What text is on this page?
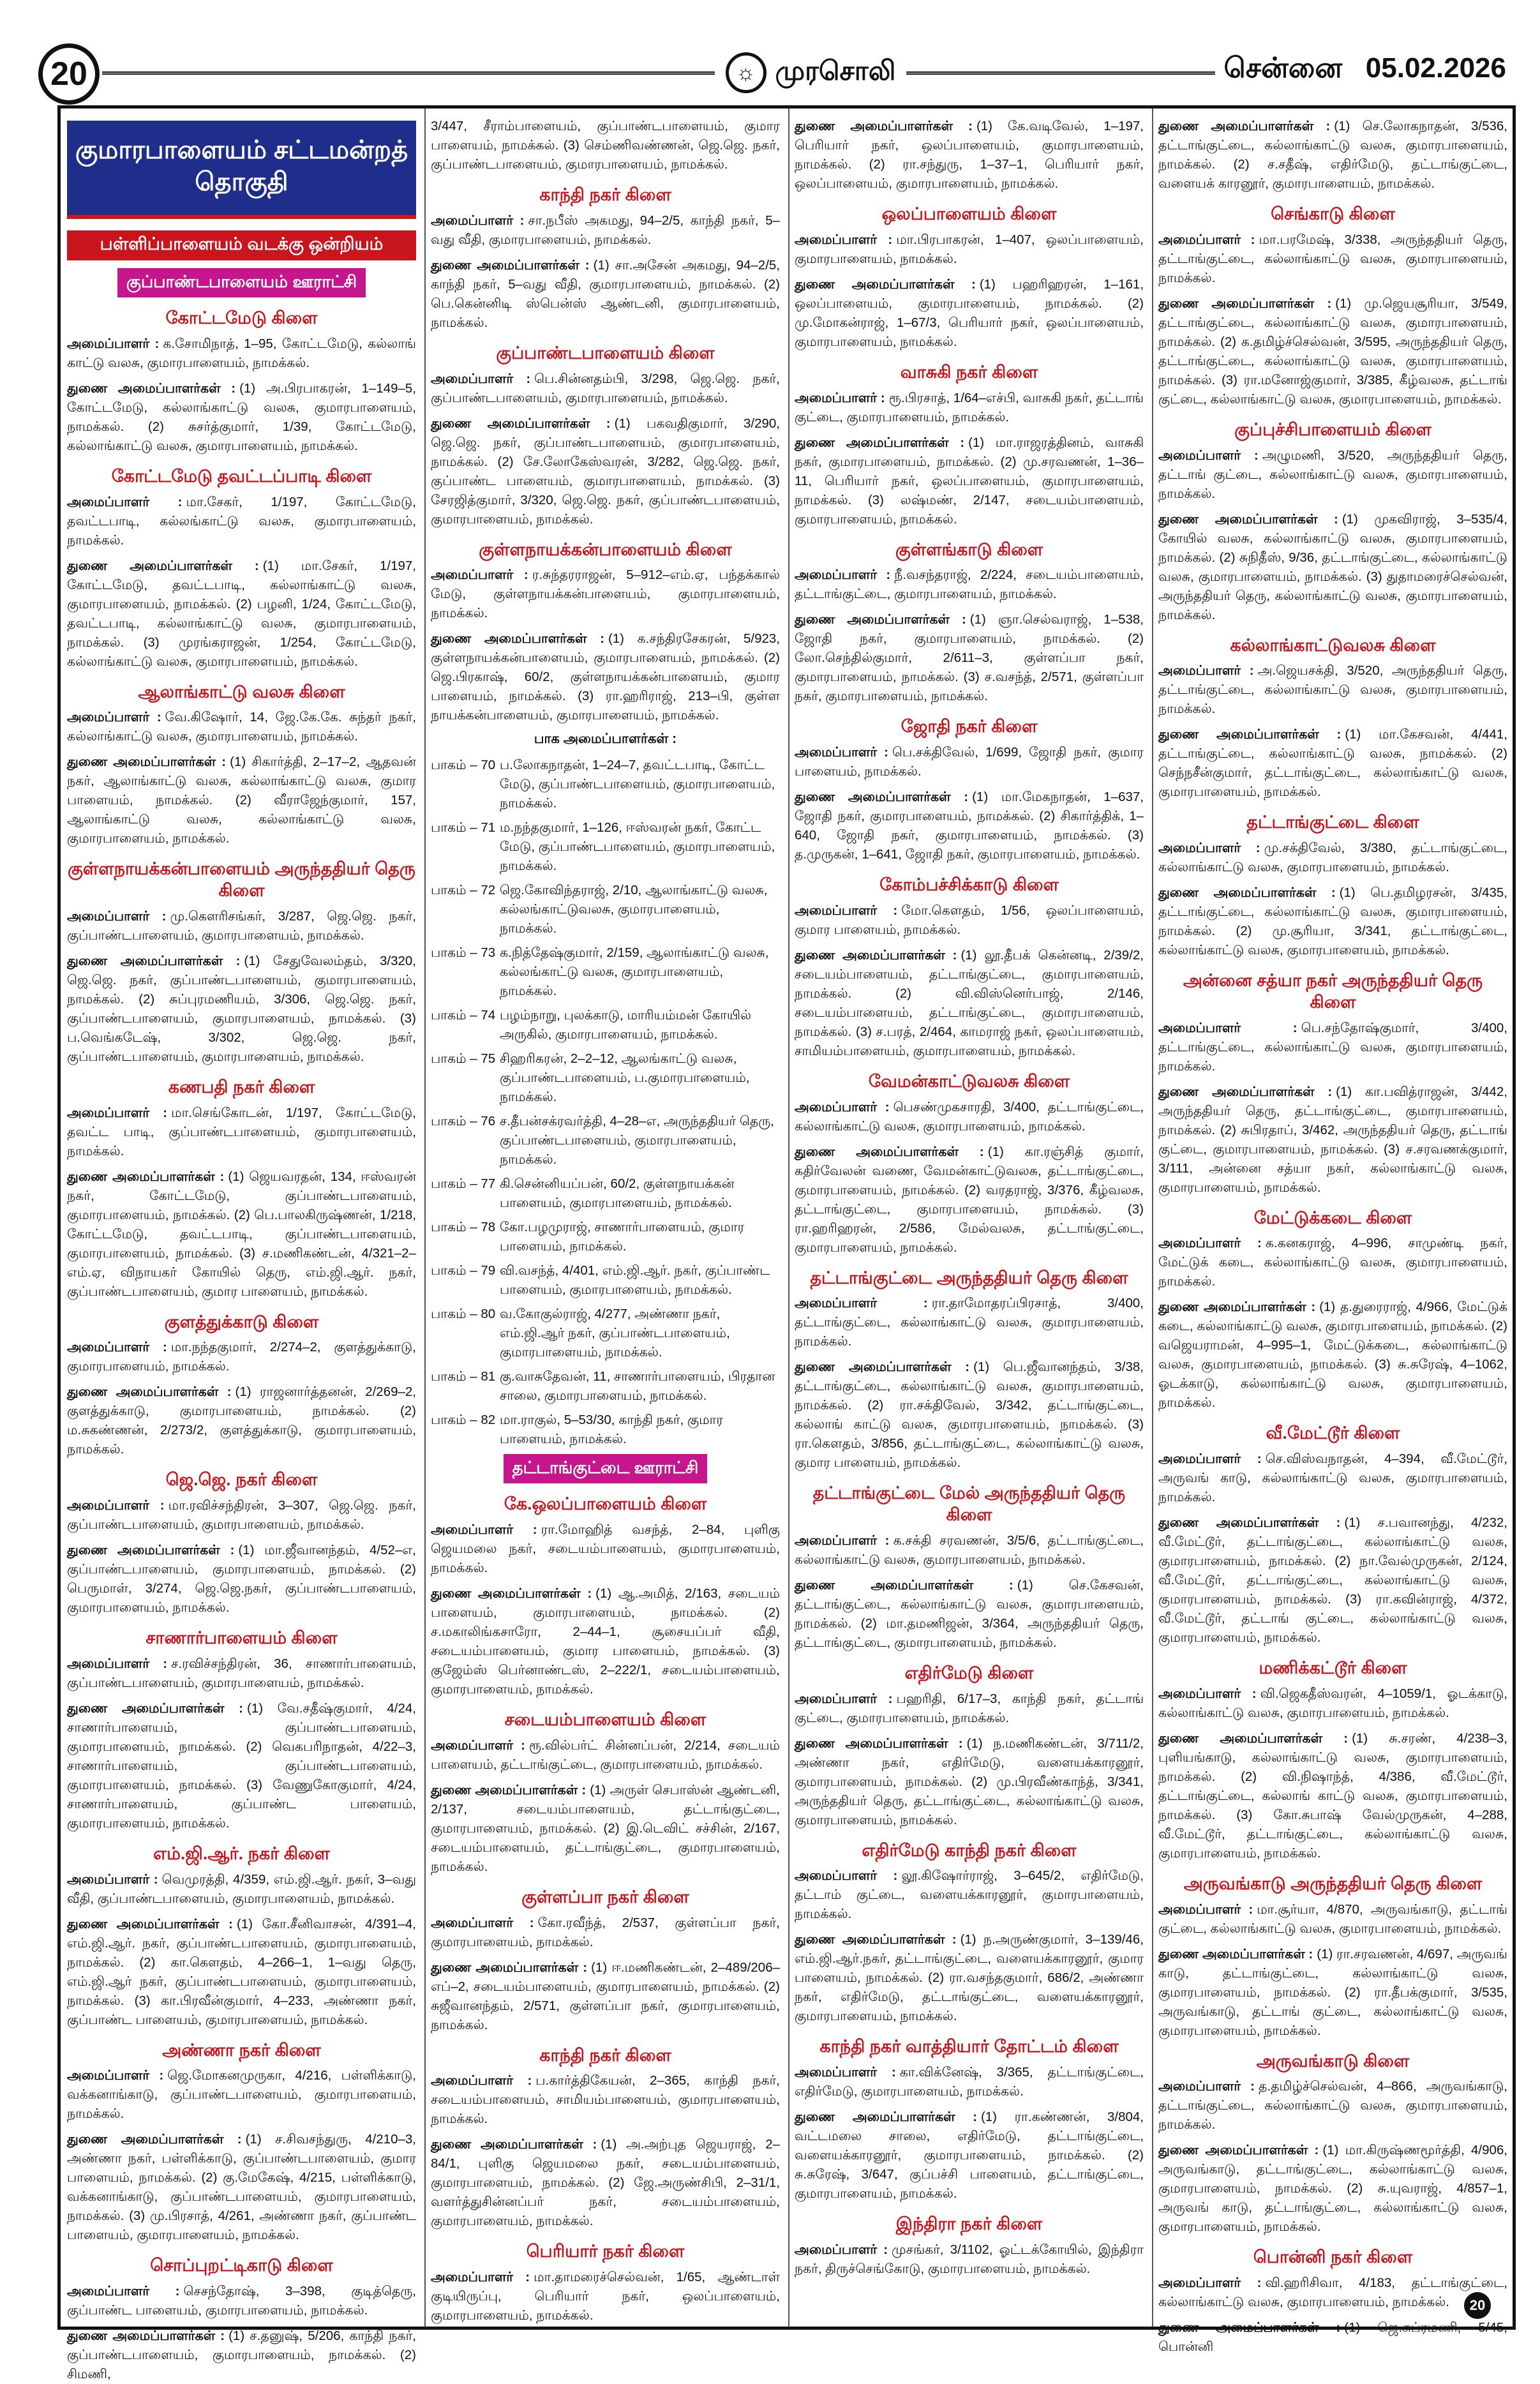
20	☼ முரசொலி	சென்னை 05.02.2026
குமாரபாளையம் சட்டமன்றத் தொகுதி
பள்ளிப்பாளையம் வடக்கு ஒன்றியம்
குப்பாண்டபாளையம் ஊராட்சி
கோட்டமேடு கிளை

அமைப்பாளர் : க.சோமிநாத், 1–95, கோட்டமேடு, கல்லாங் காட்டு வலசு, குமாரபாளையம், நாமக்கல்.

துணை அமைப்பாளர்கள் : (1) அ.பிரபாகரன், 1–149–5, கோட்டமேடு, கல்லாங்காட்டு வலசு, குமாரபாளையம், நாமக்கல். (2) சுசர்த்குமார், 1/39, கோட்டமேடு, கல்லாங்காட்டு வலசு, குமாரபாளையம், நாமக்கல்.

கோட்டமேடு தவட்டப்பாடி கிளை

அமைப்பாளர் : மா.சேகர், 1/197, கோட்டமேடு, தவட்டபாடி, கல்லங்காட்டு வலசு, குமாரபாளையம், நாமக்கல்.

துணை அமைப்பாளர்கள் : (1) மா.சேகர், 1/197, கோட்டமேடு, தவட்டபாடி, கல்லாங்காட்டு வலசு, குமாரபாளையம், நாமக்கல். (2) பழனி, 1/24, கோட்டமேடு, தவட்டபாடி, கல்லாங்காட்டு வலசு, குமாரபாளையம், நாமக்கல். (3) முரங்கராஜன், 1/254, கோட்டமேடு, கல்லாங்காட்டு வலசு, குமாரபாளையம், நாமக்கல்.

ஆலாங்காட்டு வலசு கிளை

அமைப்பாளர் : வே.கிஷோர், 14, ஜே.கே.கே. சுந்தர் நகர், கல்லாங்காட்டு வலசு, குமாரபாளையம், நாமக்கல்.

துணை அமைப்பாளர்கள் : (1) சிகார்த்தி, 2–17–2, ஆதவன் நகர், ஆலாங்காட்டு வலசு, கல்லாங்காட்டு வலசு, குமார பாளையம், நாமக்கல். (2) வீராஜேந்குமார், 157, ஆலாங்காட்டு வலசு, கல்லாங்காட்டு வலசு, குமாரபாளையம், நாமக்கல்.

குள்ளநாயக்கன்பாளையம் அருந்ததியர் தெரு கிளை

அமைப்பாளர் : மு.கௌரிசங்கர், 3/287, ஜெ.ஜெ. நகர், குப்பாண்டபாளையம், குமாரபாளையம், நாமக்கல்.

துணை அமைப்பாளர்கள் : (1) சேதுவேலம்தம், 3/320, ஜெ.ஜெ. நகர், குப்பாண்டபாளையம், குமாரபாளையம், நாமக்கல். (2) சுப்புரமணியம், 3/306, ஜெ.ஜெ. நகர், குப்பாண்டபாளையம், குமாரபாளையம், நாமக்கல். (3) ப.வெங்கடேஷ், 3/302, ஜெ.ஜெ. நகர், குப்பாண்டபாளையம், குமாரபாளையம், நாமக்கல்.

கணபதி நகர் கிளை

அமைப்பாளர் : மா.செங்கோடன், 1/197, கோட்டமேடு, தவட்ட பாடி, குப்பாண்டபாளையம், குமாரபாளையம், நாமக்கல்.

துணை அமைப்பாளர்கள் : (1) ஜெயவரதன், 134, ஈஸ்வரன் நகர், கோட்டமேடு, குப்பாண்டபாளையம், குமாரபாளையம், நாமக்கல். (2) பெ.பாலகிருஷ்ணன், 1/218, கோட்டமேடு, தவட்டபாடி, குப்பாண்டபாளையம், குமாரபாளையம், நாமக்கல். (3) ச.மணிகண்டன், 4/321–2–எம்.ஏ, விநாயகர் கோயில் தெரு, எம்.ஜி.ஆர். நகர், குப்பாண்டபாளையம், குமார பாளையம், நாமக்கல்.

குளத்துக்காடு கிளை

அமைப்பாளர் : மா.நந்தகுமார், 2/274–2, குளத்துக்காடு, குமாரபாளையம், நாமக்கல்.

துணை அமைப்பாளர்கள் : (1) ராஜனார்த்தனன், 2/269–2, குளத்துக்காடு, குமாரபாளையம், நாமக்கல். (2) ம.சுகண்ணன், 2/273/2, குளத்துக்காடு, குமாரபாளையம், நாமக்கல்.

ஜெ.ஜெ. நகர் கிளை

அமைப்பாளர் : மா.ரவிச்சந்திரன், 3–307, ஜெ.ஜெ. நகர், குப்பாண்டபாளையம், குமாரபாளையம், நாமக்கல்.

துணை அமைப்பாளர்கள் : (1) மா.ஜீவானந்தம், 4/52–எ, குப்பாண்டபாளையம், குமாரபாளையம், நாமக்கல். (2) பெருமாள், 3/274, ஜெ.ஜெ.நகர், குப்பாண்டபாளையம், குமாரபாளையம், நாமக்கல்.

சாணார்பாளையம் கிளை

அமைப்பாளர் : ச.ரவிச்சந்திரன், 36, சாணார்பாளையம், குப்பாண்டபாளையம், குமாரபாளையம், நாமக்கல்.

துணை அமைப்பாளர்கள் : (1) வே.சதீஷ்குமார், 4/24, சாணார்பாளையம், குப்பாண்டபாளையம், குமாரபாளையம், நாமக்கல். (2) வெகபரிநாதன், 4/22–3, சாணார்பாளையம், குப்பாண்டபாளையம், குமாரபாளையம், நாமக்கல். (3) வேணுகோகுமார், 4/24, சாணார்பாளையம், குப்பாண்ட பாளையம், குமாரபாளையம், நாமக்கல்.

எம்.ஜி.ஆர். நகர் கிளை

அமைப்பாளர் : வெமுரத்தி, 4/359, எம்.ஜி.ஆர். நகர், 3–வது வீதி, குப்பாண்டபாளையம், குமாரபாளையம், நாமக்கல்.

துணை அமைப்பாளர்கள் : (1) கோ.சீனிவாசன், 4/391–4, எம்.ஜி.ஆர். நகர், குப்பாண்டபாளையம், குமாரபாளையம், நாமக்கல். (2) கா.கௌதம், 4–266–1, 1–வது தெரு, எம்.ஜி.ஆர் நகர், குப்பாண்டபாளையம், குமாரபாளையம், நாமக்கல். (3) கா.பிரவீன்குமார், 4–233, அண்ணா நகர், குப்பாண்ட பாளையம், குமாரபாளையம், நாமக்கல்.

அண்ணா நகர் கிளை

அமைப்பாளர் : ஜெ.மோகனமுருகா, 4/216, பள்ளிக்காடு, வக்கனாங்காடு, குப்பாண்டபாளையம், குமாரபாளையம், நாமக்கல்.

துணை அமைப்பாளர்கள் : (1) ச.சிவசந்துரு, 4/210–3, அண்ணா நகர், பள்ளிக்காடு, குப்பாண்டபாளையம், குமார பாளையம், நாமக்கல். (2) கு.மேகேஷ், 4/215, பள்ளிக்காடு, வக்கனாங்காடு, குப்பாண்டபாளையம், குமாரபாளையம், நாமக்கல். (3) மு.பிரசாத், 4/261, அண்ணா நகர், குப்பாண்ட பாளையம், குமாரபாளையம், நாமக்கல்.

சொப்புறட்டிகாடு கிளை

அமைப்பாளர் : செசந்தோஷ், 3–398, குடித்தெரு, குப்பாண்ட பாளையம், குமாரபாளையம், நாமக்கல்.

துணை அமைப்பாளர்கள் : (1) ச.தனுஷ், 5/206, காந்தி நகர், குப்பாண்டபாளையம், குமாரபாளையம், நாமக்கல். (2) சிமணி,

3/447, சீராம்பாளையம், குப்பாண்டபாளையம், குமார பாளையம், நாமக்கல். (3) செம்ணிவண்ணன், ஜெ.ஜெ. நகர், குப்பாண்டபாளையம், குமாரபாளையம், நாமக்கல்.

காந்தி நகர் கிளை

அமைப்பாளர் : சா.நபீஸ் அகமது, 94–2/5, காந்தி நகர், 5–வது வீதி, குமாரபாளையம், நாமக்கல்.

துணை அமைப்பாளர்கள் : (1) சா.அசேன் அகமது, 94–2/5, காந்தி நகர், 5–வது வீதி, குமாரபாளையம், நாமக்கல். (2) பெ.கென்னிடி ஸ்பென்ஸ் ஆண்டனி, குமாரபாளையம், நாமக்கல்.

குப்பாண்டபாளையம் கிளை

அமைப்பாளர் : பெ.சின்னதம்பி, 3/298, ஜெ.ஜெ. நகர், குப்பாண்டபாளையம், குமாரபாளையம், நாமக்கல்.

துணை அமைப்பாளர்கள் : (1) பகவதிகுமார், 3/290, ஜெ.ஜெ. நகர், குப்பாண்டபாளையம், குமாரபாளையம், நாமக்கல். (2) சே.லோகேஸ்வரன், 3/282, ஜெ.ஜெ. நகர், குப்பாண்ட பாளையம், குமாரபாளையம், நாமக்கல். (3) சேரஜித்குமார், 3/320, ஜெ.ஜெ. நகர், குப்பாண்டபாளையம், குமாரபாளையம், நாமக்கல்.

குள்ளநாயக்கன்பாளையம் கிளை

அமைப்பாளர் : ர.சுந்தரராஜன், 5–912–எம்.ஏ, பந்தக்கால் மேடு, குள்ளநாயக்கன்பாளையம், குமாரபாளையம், நாமக்கல்.

துணை அமைப்பாளர்கள் : (1) க.சந்திரசேகரன், 5/923, குள்ளநாயக்கன்பாளையம், குமாரபாளையம், நாமக்கல். (2) ஜெ.பிரகாஷ், 60/2, குள்ளநாயக்கன்பாளையம், குமார பாளையம், நாமக்கல். (3) ரா.ஹரிராஜ், 213–பி, குள்ள நாயக்கன்பாளையம், குமாரபாளையம், நாமக்கல்.

பாக அமைப்பாளர்கள் :
பாகம் – 70 ப.லோகநாதன், 1–24–7, தவட்டபாடி, கோட்ட மேடு, குப்பாண்டபாளையம், குமாரபாளையம், நாமக்கல்.
பாகம் – 71 ம.நந்தகுமார், 1–126, ஈஸ்வரன் நகர், கோட்ட மேடு, குப்பாண்டபாளையம், குமாரபாளையம், நாமக்கல்.
பாகம் – 72 ஜெ.கோவிந்தராஜ், 2/10, ஆலாங்காட்டு வலசு, கல்லங்காட்டுவலசு, குமாரபாளையம், நாமக்கல்.
பாகம் – 73 க.நித்தேஷ்குமார், 2/159, ஆலாங்காட்டு வலசு, கல்லங்காட்டு வலசு, குமாரபாளையம், நாமக்கல்.
பாகம் – 74 பழம்நாறு, புலக்காடு, மாரியம்மன் கோயில் அருகில், குமாரபாளையம், நாமக்கல்.
பாகம் – 75 சிஹரிகரன், 2–2–12, ஆலங்காட்டு வலசு, குப்பாண்டபாளையம், ப.குமாரபாளையம், நாமக்கல்.
பாகம் – 76 ச.தீபன்சக்ரவர்த்தி, 4–28–எ, அருந்ததியர் தெரு, குப்பாண்டபாளையம், குமாரபாளையம், நாமக்கல்.
பாகம் – 77 கி.சென்னியப்பன், 60/2, குள்ளநாயக்கன் பாளையம், குமாரபாளையம், நாமக்கல்.
பாகம் – 78 கோ.பழமுராஜ், சாணார்பாளையம், குமார பாளையம், நாமக்கல்.
பாகம் – 79 வி.வசந்த், 4/401, எம்.ஜி.ஆர். நகர், குப்பாண்ட பாளையம், குமாரபாளையம், நாமக்கல்.
பாகம் – 80 வ.கோகுல்ராஜ், 4/277, அண்ணா நகர், எம்.ஜி.ஆர் நகர், குப்பாண்டபாளையம், குமாரபாளையம், நாமக்கல்.
பாகம் – 81 கு.வாசுதேவன், 11, சாணார்பாளையம், பிரதான சாலை, குமாரபாளையம், நாமக்கல்.
பாகம் – 82 மா.ராகுல், 5–53/30, காந்தி நகர், குமார பாளையம், நாமக்கல்.
தட்டாங்குட்டை ஊராட்சி
கே.ஒலப்பாளையம் கிளை

அமைப்பாளர் : ரா.மோஹித் வசந்த், 2–84, புளிகு ஜெயமலை நகர், சடையம்பாளையம், குமாரபாளையம், நாமக்கல்.

துணை அமைப்பாளர்கள் : (1) ஆ.அமித், 2/163, சடையம் பாளையம், குமாரபாளையம், நாமக்கல். (2) ச.மகாலிங்கசாரோ, 2–44–1, சூசையப்பர் வீதி, சடையம்பாளையம், குமார பாளையம், நாமக்கல். (3) குஜேம்ஸ் பெர்னாண்டஸ், 2–222/1, சடையம்பாளையம், குமாரபாளையம், நாமக்கல்.

சடையம்பாளையம் கிளை

அமைப்பாளர் : ரூ.வில்பர்ட் சின்னப்பன், 2/214, சடையம் பாளையம், தட்டாங்குட்டை, குமாரபாளையம், நாமக்கல்.

துணை அமைப்பாளர்கள் : (1) அருள் செபாஸ்ன் ஆண்டனி, 2/137, சடையம்பாளையம், தட்டாங்குட்டை, குமாரபாளையம், நாமக்கல். (2) இ.டெவிட் சச்சின், 2/167, சடையம்பாளையம், தட்டாங்குட்டை, குமாரபாளையம், நாமக்கல்.

குள்ளப்பா நகர் கிளை

அமைப்பாளர் : கோ.ரவீந்த், 2/537, குள்ளப்பா நகர், குமாரபாளையம், நாமக்கல்.

துணை அமைப்பாளர்கள் : (1) ஈ.மணிகண்டன், 2–489/206–எப்–2, சடையம்பாளையம், குமாரபாளையம், நாமக்கல். (2) சுஜீவானந்தம், 2/571, குள்ளப்பா நகர், குமாரபாளையம், நாமக்கல்.

காந்தி நகர் கிளை

அமைப்பாளர் : ப.கார்த்திகேயன், 2–365, காந்தி நகர், சடையம்பாளையம், சாமியம்பாளையம், குமாரபாளையம், நாமக்கல்.

துணை அமைப்பாளர்கள் : (1) அ.அற்புத ஜெயராஜ், 2–84/1, புளிகு ஜெயமலை நகர், சடையம்பாளையம், குமாரபாளையம், நாமக்கல். (2) ஜே.அருண்சிபி, 2–31/1, வளர்த்துசின்னப்பர் நகர், சடையம்பாளையம், குமாரபாளையம், நாமக்கல்.

பெரியார் நகர் கிளை

அமைப்பாளர் : மா.தாமரைச்செல்வன், 1/65, ஆண்டாள் குடியிருப்பு, பெரியார் நகர், ஒலப்பாளையம், குமாரபாளையம், நாமக்கல்.

துணை அமைப்பாளர்கள் : (1) கே.வடிவேல், 1–197, பெரியார் நகர், ஒலப்பாளையம், குமாரபாளையம், நாமக்கல். (2) ரா.சந்துரு, 1–37–1, பெரியார் நகர், ஒலப்பாளையம், குமாரபாளையம், நாமக்கல்.

ஒலப்பாளையம் கிளை

அமைப்பாளர் : மா.பிரபாகரன், 1–407, ஒலப்பாளையம், குமாரபாளையம், நாமக்கல்.

துணை அமைப்பாளர்கள் : (1) பஹரிஹரன், 1–161, ஒலப்பாளையம், குமாரபாளையம், நாமக்கல். (2) மு.மோகன்ராஜ், 1–67/3, பெரியார் நகர், ஒலப்பாளையம், குமாரபாளையம், நாமக்கல்.

வாசுகி நகர் கிளை

அமைப்பாளர் : ரூ.பிரசாத், 1/64–எச்பி, வாசுகி நகர், தட்டாங் குட்டை, குமாரபாளையம், நாமக்கல்.

துணை அமைப்பாளர்கள் : (1) மா.ராஜரத்தினம், வாசுகி நகர், குமாரபாளையம், நாமக்கல். (2) மு.சரவணன், 1–36–11, பெரியார் நகர், ஒலப்பாளையம், குமாரபாளையம், நாமக்கல். (3) லஷ்மண், 2/147, சடையம்பாளையம், குமாரபாளையம், நாமக்கல்.

குள்ளங்காடு கிளை

அமைப்பாளர் : நீ.வசந்தராஜ், 2/224, சடையம்பாளையம், தட்டாங்குட்டை, குமாரபாளையம், நாமக்கல்.

துணை அமைப்பாளர்கள் : (1) ஞா.செல்வராஜ், 1–538, ஜோதி நகர், குமாரபாளையம், நாமக்கல். (2) லோ.செந்தில்குமார், 2/611–3, குள்ளப்பா நகர், குமாரபாளையம், நாமக்கல். (3) ச.வசந்த், 2/571, குள்ளப்பா நகர், குமாரபாளையம், நாமக்கல்.

ஜோதி நகர் கிளை

அமைப்பாளர் : பெ.சக்திவேல், 1/699, ஜோதி நகர், குமார பாளையம், நாமக்கல்.

துணை அமைப்பாளர்கள் : (1) மா.மேகநாதன், 1–637, ஜோதி நகர், குமாரபாளையம், நாமக்கல். (2) சிகார்த்திக், 1–640, ஜோதி நகர், குமாரபாளையம், நாமக்கல். (3) த.முருகன், 1–641, ஜோதி நகர், குமாரபாளையம், நாமக்கல்.

கோம்பச்சிக்காடு கிளை

அமைப்பாளர் : மோ.கௌதம், 1/56, ஒலப்பாளையம், குமார பாளையம், நாமக்கல்.

துணை அமைப்பாளர்கள் : (1) லூ.தீபக் கென்னடி, 2/39/2, சடையம்பாளையம், தட்டாங்குட்டை, குமாரபாளையம், நாமக்கல். (2) வி.விஸ்னெர்பாஜ், 2/146, சடையம்பாளையம், தட்டாங்குட்டை, குமாரபாளையம், நாமக்கல். (3) ச.பரத், 2/464, காமராஜ் நகர், ஒலப்பாளையம், சாமியம்பாளையம், குமாரபாளையம், நாமக்கல்.

வேமன்காட்டுவலசு கிளை

அமைப்பாளர் : பெசண்முகசாரதி, 3/400, தட்டாங்குட்டை, கல்லாங்காட்டு வலசு, குமாரபாளையம், நாமக்கல்.

துணை அமைப்பாளர்கள் : (1) கா.ரஞ்சித் குமார், கதிர்வேலன் வணை, வேமன்காட்டுவலசு, தட்டாங்குட்டை, குமாரபாளையம், நாமக்கல். (2) வரதராஜ், 3/376, கீழ்வலசு, தட்டாங்குட்டை, குமாரபாளையம், நாமக்கல். (3) ரா.ஹரிஹரன், 2/586, மேல்வலசு, தட்டாங்குட்டை, குமாரபாளையம், நாமக்கல்.

தட்டாங்குட்டை அருந்ததியர் தெரு கிளை

அமைப்பாளர் : ரா.தாமோதரப்பிரசாத், 3/400, தட்டாங்குட்டை, கல்லாங்காட்டு வலசு, குமாரபாளையம், நாமக்கல்.

துணை அமைப்பாளர்கள் : (1) பெ.ஜீவானந்தம், 3/38, தட்டாங்குட்டை, கல்லாங்காட்டு வலசு, குமாரபாளையம், நாமக்கல். (2) ரா.சக்திவேல், 3/342, தட்டாங்குட்டை, கல்லாங் காட்டு வலசு, குமாரபாளையம், நாமக்கல். (3) ரா.கௌதம், 3/856, தட்டாங்குட்டை, கல்லாங்காட்டு வலசு, குமார பாளையம், நாமக்கல்.

தட்டாங்குட்டை மேல் அருந்ததியர் தெரு கிளை

அமைப்பாளர் : க.சக்தி சரவணன், 3/5/6, தட்டாங்குட்டை, கல்லாங்காட்டு வலசு, குமாரபாளையம், நாமக்கல்.

துணை அமைப்பாளர்கள் : (1) செ.கேசவன், தட்டாங்குட்டை, கல்லாங்காட்டு வலசு, குமாரபாளையம், நாமக்கல். (2) மா.தமணிஜன், 3/364, அருந்ததியர் தெரு, தட்டாங்குட்டை, குமாரபாளையம், நாமக்கல்.

எதிர்மேடு கிளை

அமைப்பாளர் : பஹரிதி, 6/17–3, காந்தி நகர், தட்டாங் குட்டை, குமாரபாளையம், நாமக்கல்.

துணை அமைப்பாளர்கள் : (1) ந.மணிகண்டன், 3/711/2, அண்ணா நகர், எதிர்மேடு, வளையக்காரனூர், குமாரபாளையம், நாமக்கல். (2) மு.பிரவீண்காந்த், 3/341, அருந்ததியர் தெரு, தட்டாங்குட்டை, கல்லாங்காட்டு வலசு, குமாரபாளையம், நாமக்கல்.

எதிர்மேடு காந்தி நகர் கிளை

அமைப்பாளர் : லூ.கிஷோர்ராஜ், 3–645/2, எதிர்மேடு, தட்டாம் குட்டை, வளையக்காரனூர், குமாரபாளையம், நாமக்கல்.

துணை அமைப்பாளர்கள் : (1) ந.அருண்குமார், 3–139/46, எம்.ஜி.ஆர்.நகர், தட்டாங்குட்டை, வளையக்காரனூர், குமார பாளையம், நாமக்கல். (2) ரா.வசந்தகுமார், 686/2, அண்ணா நகர், எதிர்மேடு, தட்டாங்குட்டை, வளையக்காரனூர், குமாரபாளையம், நாமக்கல்.

காந்தி நகர் வாத்தியார் தோட்டம் கிளை

அமைப்பாளர் : கா.விக்னேஷ், 3/365, தட்டாங்குட்டை, எதிர்மேடு, குமாரபாளையம், நாமக்கல்.

துணை அமைப்பாளர்கள் : (1) ரா.கண்ணன், 3/804, வட்டமலை சாலை, எதிர்மேடு, தட்டாங்குட்டை, வளையக்காரனூர், குமாரபாளையம், நாமக்கல். (2) சு.சுரேஷ், 3/647, குப்பச்சி பாளையம், தட்டாங்குட்டை, குமாரபாளையம், நாமக்கல்.

இந்திரா நகர் கிளை

அமைப்பாளர் : முசங்கர், 3/1102, ஓட்டக்கோயில், இந்திரா நகர், திருச்செங்கோடு, குமாரபாளையம், நாமக்கல்.

துணை அமைப்பாளர்கள் : (1) செ.லோகநாதன், 3/536, தட்டாங்குட்டை, கல்லாங்காட்டு வலசு, குமாரபாளையம், நாமக்கல். (2) ச.சதீஷ், எதிர்மேடு, தட்டாங்குட்டை, வளையக் காரனூர், குமாரபாளையம், நாமக்கல்.

செங்காடு கிளை

அமைப்பாளர் : மா.பரமேஷ், 3/338, அருந்ததியர் தெரு, தட்டாங்குட்டை, கல்லாங்காட்டு வலசு, குமாரபாளையம், நாமக்கல்.

துணை அமைப்பாளர்கள் : (1) மு.ஜெயசூரியா, 3/549, தட்டாங்குட்டை, கல்லாங்காட்டு வலசு, குமாரபாளையம், நாமக்கல். (2) க.தமிழ்ச்செல்வன், 3/595, அருந்ததியர் தெரு, தட்டாங்குட்டை, கல்லாங்காட்டு வலசு, குமாரபாளையம், நாமக்கல். (3) ரா.மனோஜ்குமார், 3/385, கீழ்வலசு, தட்டாங் குட்டை, கல்லாங்காட்டு வலசு, குமாரபாளையம், நாமக்கல்.

குப்புச்சிபாளையம் கிளை

அமைப்பாளர் : அழுமணி, 3/520, அருந்ததியர் தெரு, தட்டாங் குட்டை, கல்லாங்காட்டு வலசு, குமாரபாளையம், நாமக்கல்.

துணை அமைப்பாளர்கள் : (1) முகவிராஜ், 3–535/4, கோயில் வலசு, கல்லாங்காட்டு வலசு, குமாரபாளையம், நாமக்கல். (2) சுநிதீஸ், 9/36, தட்டாங்குட்டை, கல்லாங்காட்டு வலசு, குமாரபாளையம், நாமக்கல். (3) துதாமரைச்செல்வன், அருந்ததியர் தெரு, கல்லாங்காட்டு வலசு, குமாரபாளையம், நாமக்கல்.

கல்லாங்காட்டுவலசு கிளை

அமைப்பாளர் : அ.ஜெயசக்தி, 3/520, அருந்ததியர் தெரு, தட்டாங்குட்டை, கல்லாங்காட்டு வலசு, குமாரபாளையம், நாமக்கல்.

துணை அமைப்பாளர்கள் : (1) மா.கேசவன், 4/441, தட்டாங்குட்டை, கல்லாங்காட்டு வலசு, நாமக்கல். (2) செந்நசீன்குமார், தட்டாங்குட்டை, கல்லாங்காட்டு வலசு, குமாரபாளையம், நாமக்கல்.

தட்டாங்குட்டை கிளை

அமைப்பாளர் : மு.சக்திவேல், 3/380, தட்டாங்குட்டை, கல்லாங்காட்டு வலசு, குமாரபாளையம், நாமக்கல்.

துணை அமைப்பாளர்கள் : (1) பெ.தமிழரசன், 3/435, தட்டாங்குட்டை, கல்லாங்காட்டு வலசு, குமாரபாளையம், நாமக்கல். (2) மு.சூரியா, 3/341, தட்டாங்குட்டை, கல்லாங்காட்டு வலசு, குமாரபாளையம், நாமக்கல்.

அன்னை சத்யா நகர் அருந்ததியர் தெரு கிளை

அமைப்பாளர் : பெ.சந்தோஷ்குமார், 3/400, தட்டாங்குட்டை, கல்லாங்காட்டு வலசு, குமாரபாளையம், நாமக்கல்.

துணை அமைப்பாளர்கள் : (1) கா.பவித்ராஜன், 3/442, அருந்ததியர் தெரு, தட்டாங்குட்டை, குமாரபாளையம், நாமக்கல். (2) சுபிரதாப், 3/462, அருந்ததியர் தெரு, தட்டாங் குட்டை, குமாரபாளையம், நாமக்கல். (3) ச.சரவணக்குமார், 3/111, அன்னை சத்யா நகர், கல்லாங்காட்டு வலசு, குமாரபாளையம், நாமக்கல்.

மேட்டுக்கடை கிளை

அமைப்பாளர் : க.கனகராஜ், 4–996, சாமுண்டி நகர், மேட்டுக் கடை, கல்லாங்காட்டு வலசு, குமாரபாளையம், நாமக்கல்.

துணை அமைப்பாளர்கள் : (1) த.துரைராஜ், 4/966, மேட்டுக் கடை, கல்லாங்காட்டு வலசு, குமாரபாளையம், நாமக்கல். (2) வஜெயராமன், 4–995–1, மேட்டுக்கடை, கல்லாங்காட்டு வலசு, குமாரபாளையம், நாமக்கல். (3) சு.சுரேஷ், 4–1062, ஓடக்காடு, கல்லாங்காட்டு வலசு, குமாரபாளையம், நாமக்கல்.

வீ.மேட்டூர் கிளை

அமைப்பாளர் : செ.விஸ்வநாதன், 4–394, வீ.மேட்டூர், அருவங் காடு, கல்லாங்காட்டு வலசு, குமாரபாளையம், நாமக்கல்.

துணை அமைப்பாளர்கள் : (1) ச.பவானந்து, 4/232, வீ.மேட்டூர், தட்டாங்குட்டை, கல்லாங்காட்டு வலசு, குமாரபாளையம், நாமக்கல். (2) நா.வேல்முருகன், 2/124, வீ.மேட்டூர், தட்டாங்குட்டை, கல்லாங்காட்டு வலசு, குமாரபாளையம், நாமக்கல். (3) ரா.கவின்ராஜ், 4/372, வீ.மேட்டூர், தட்டாங் குட்டை, கல்லாங்காட்டு வலசு, குமாரபாளையம், நாமக்கல்.

மணிக்கட்டூர் கிளை

அமைப்பாளர் : வி.ஜெகதீஸ்வரன், 4–1059/1, ஓடக்காடு, கல்லாங்காட்டு வலசு, குமாரபாளையம், நாமக்கல்.

துணை அமைப்பாளர்கள் : (1) சு.சரண், 4/238–3, புளியங்காடு, கல்லாங்காட்டு வலசு, குமாரபாளையம், நாமக்கல். (2) வி.நிஷாந்த், 4/386, வீ.மேட்டூர், தட்டாங்குட்டை, கல்லாங் காட்டு வலசு, குமாரபாளையம், நாமக்கல். (3) கோ.சுபாஷ் வேல்முருகன், 4–288, வீ.மேட்டூர், தட்டாங்குட்டை, கல்லாங்காட்டு வலசு, குமாரபாளையம், நாமக்கல்.

அருவங்காடு அருந்ததியர் தெரு கிளை

அமைப்பாளர் : மா.சூர்யா, 4/870, அருவங்காடு, தட்டாங் குட்டை, கல்லாங்காட்டு வலசு, குமாரபாளையம், நாமக்கல்.

துணை அமைப்பாளர்கள் : (1) ரா.சரவணன், 4/697, அருவங் காடு, தட்டாங்குட்டை, கல்லாங்காட்டு வலசு, குமாரபாளையம், நாமக்கல். (2) ரா.தீபக்குமார், 3/535, அருவங்காடு, தட்டாங் குட்டை, கல்லாங்காட்டு வலசு, குமாரபாளையம், நாமக்கல்.

அருவங்காடு கிளை

அமைப்பாளர் : த.தமிழ்ச்செல்வன், 4–866, அருவங்காடு, தட்டாங்குட்டை, கல்லாங்காட்டு வலசு, குமாரபாளையம், நாமக்கல்.

துணை அமைப்பாளர்கள் : (1) மா.கிருஷ்ணமூர்த்தி, 4/906, அருவங்காடு, தட்டாங்குட்டை, கல்லாங்காட்டு வலசு, குமாரபாளையம், நாமக்கல். (2) சு.யுவராஜ், 4/857–1, அருவங் காடு, தட்டாங்குட்டை, கல்லாங்காட்டு வலசு, குமாரபாளையம், நாமக்கல்.

பொன்னி நகர் கிளை

அமைப்பாளர் : வி.ஹரிசிவா, 4/183, தட்டாங்குட்டை, கல்லாங்காட்டு வலசு, குமாரபாளையம், நாமக்கல்.

துணை அமைப்பாளர்கள் : (1) ஜெ.சுப்ரமணி, 5/45, பொன்னி

20
